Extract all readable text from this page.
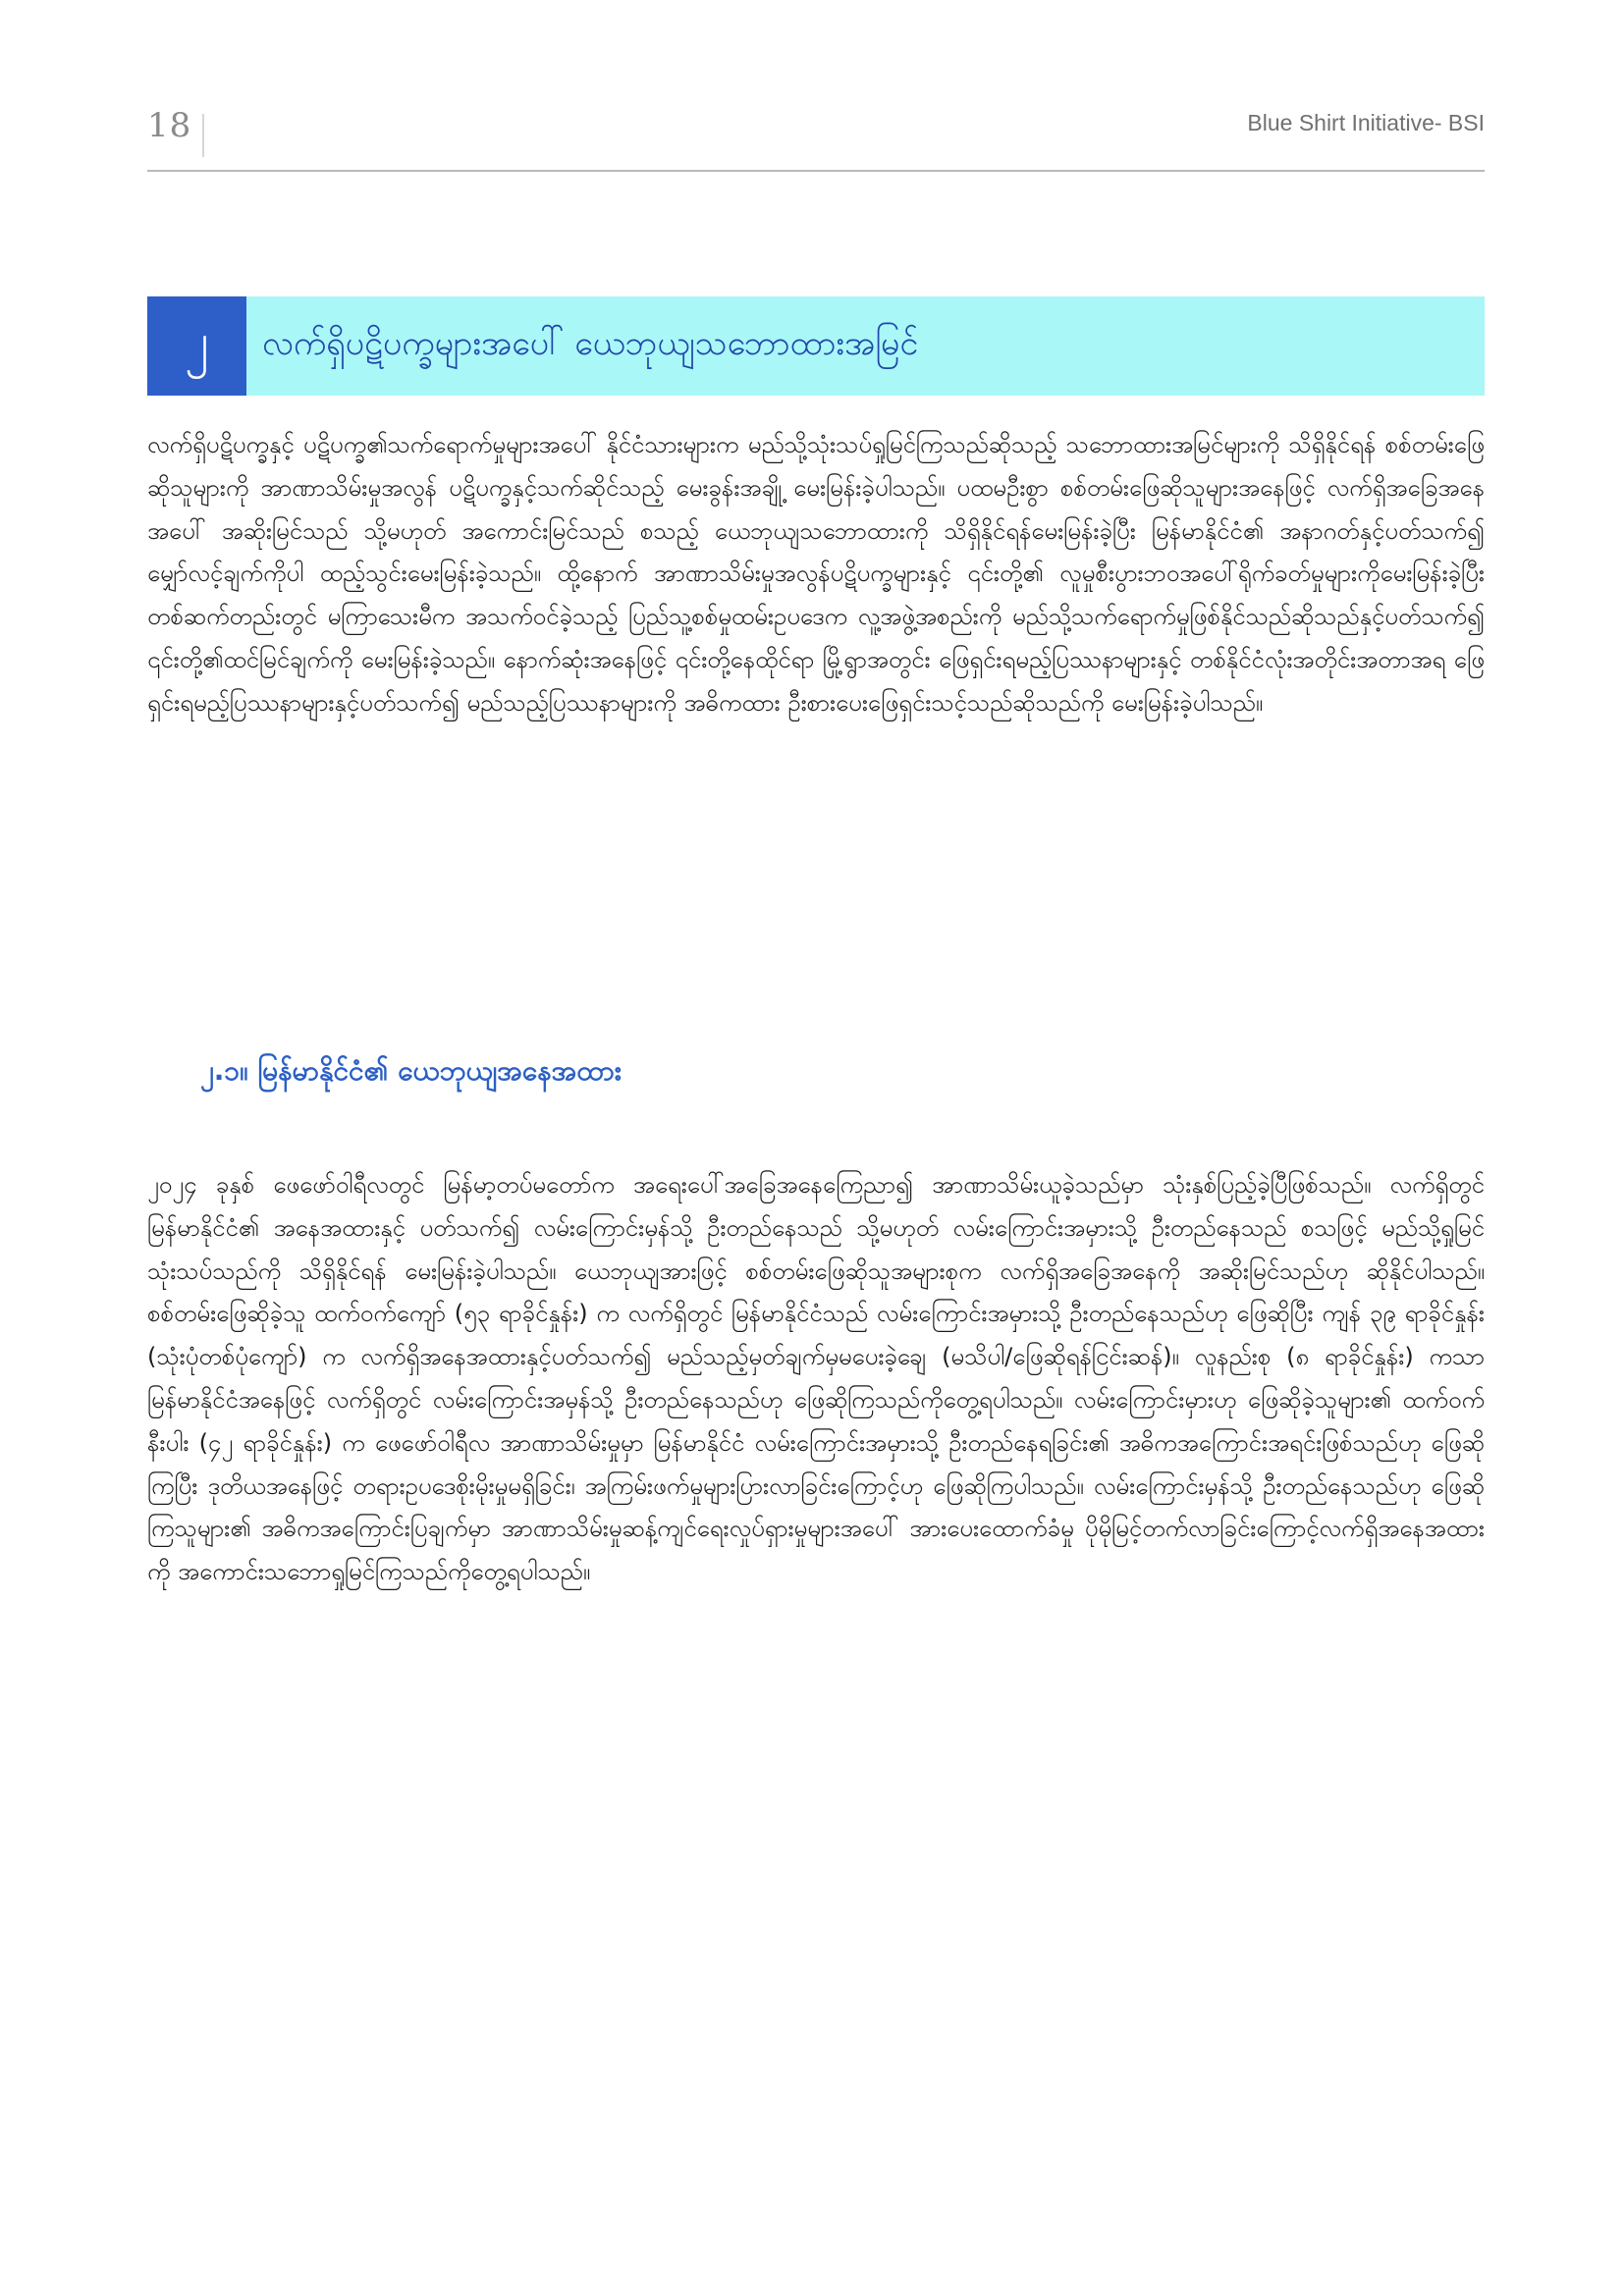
18	Blue Shirt Initiative- BSI
၂	လက်ရှိပဋိပက္ခများအပေါ် ယေဘုယျသဘောထားအမြင်

လက်ရှိပဋိပက္ခနှင့် ပဋိပက္ခ၏သက်ရောက်မှုများအပေါ် နိုင်ငံသားများက မည်သို့သုံးသပ်ရှုမြင်ကြသည်ဆိုသည့် သဘောထားအမြင်များကို သိရှိနိုင်ရန် စစ်တမ်းဖြေဆိုသူများကို အာဏာသိမ်းမှုအလွန် ပဋိပက္ခနှင့်သက်ဆိုင်သည့် မေးခွန်းအချို့ မေးမြန်းခဲ့ပါသည်။ ပထမဦးစွာ စစ်တမ်းဖြေဆိုသူများအနေဖြင့် လက်ရှိအခြေအနေအပေါ် အဆိုးမြင်သည် သို့မဟုတ် အကောင်းမြင်သည် စသည့် ယေဘုယျသဘောထားကို သိရှိနိုင်ရန်မေးမြန်းခဲ့ပြီး မြန်မာနိုင်ငံ၏ အနာဂတ်နှင့်ပတ်သက်၍ မျှော်လင့်ချက်ကိုပါ ထည့်သွင်းမေးမြန်းခဲ့သည်။ ထို့နောက် အာဏာသိမ်းမှုအလွန်ပဋိပက္ခများနှင့် ၎င်းတို့၏ လူမှုစီးပွားဘဝအပေါ်ရိုက်ခတ်မှုများကိုမေးမြန်းခဲ့ပြီး တစ်ဆက်တည်းတွင် မကြာသေးမီက အသက်ဝင်ခဲ့သည့် ပြည်သူ့စစ်မှုထမ်းဥပဒေက လူ့အဖွဲ့အစည်းကို မည်သို့သက်ရောက်မှုဖြစ်နိုင်သည်ဆိုသည်နှင့်ပတ်သက်၍ ၎င်းတို့၏ထင်မြင်ချက်ကို မေးမြန်းခဲ့သည်။ နောက်ဆုံးအနေဖြင့် ၎င်းတို့နေထိုင်ရာ မြို့ရွာအတွင်း ဖြေရှင်းရမည့်ပြဿနာများနှင့် တစ်နိုင်ငံလုံးအတိုင်းအတာအရ ဖြေရှင်းရမည့်ပြဿနာများနှင့်ပတ်သက်၍ မည်သည့်ပြဿနာများကို အဓိကထား ဦးစားပေးဖြေရှင်းသင့်သည်ဆိုသည်ကို မေးမြန်းခဲ့ပါသည်။

၂.၁။ မြန်မာနိုင်ငံ၏ ယေဘုယျအနေအထား

၂၀၂၄ ခုနှစ် ဖေဖော်ဝါရီလတွင် မြန်မာ့တပ်မတော်က အရေးပေါ်အခြေအနေကြေညာ၍ အာဏာသိမ်းယူခဲ့သည်မှာ သုံးနှစ်ပြည့်ခဲ့ပြီဖြစ်သည်။ လက်ရှိတွင် မြန်မာနိုင်ငံ၏ အနေအထားနှင့် ပတ်သက်၍ လမ်းကြောင်းမှန်သို့ ဦးတည်နေသည် သို့မဟုတ် လမ်းကြောင်းအမှားသို့ ဦးတည်နေသည် စသဖြင့် မည်သို့ရှုမြင်သုံးသပ်သည်ကို သိရှိနိုင်ရန် မေးမြန်းခဲ့ပါသည်။ ယေဘုယျအားဖြင့် စစ်တမ်းဖြေဆိုသူအများစုက လက်ရှိအခြေအနေကို အဆိုးမြင်သည်ဟု ဆိုနိုင်ပါသည်။ စစ်တမ်းဖြေဆိုခဲ့သူ ထက်ဝက်ကျော် (၅၃ ရာခိုင်နှုန်း) က လက်ရှိတွင် မြန်မာနိုင်ငံသည် လမ်းကြောင်းအမှားသို့ ဦးတည်နေသည်ဟု ဖြေဆိုပြီး ကျန် ၃၉ ရာခိုင်နှုန်း (သုံးပုံတစ်ပုံကျော်) က လက်ရှိအနေအထားနှင့်ပတ်သက်၍ မည်သည့်မှတ်ချက်မှမပေးခဲ့ချေ (မသိပါ/ဖြေဆိုရန်ငြင်းဆန်)။ လူနည်းစု (၈ ရာခိုင်နှုန်း) ကသာ မြန်မာနိုင်ငံအနေဖြင့် လက်ရှိတွင် လမ်းကြောင်းအမှန်သို့ ဦးတည်နေသည်ဟု ဖြေဆိုကြသည်ကိုတွေ့ရပါသည်။ လမ်းကြောင်းမှားဟု ဖြေဆိုခဲ့သူများ၏ ထက်ဝက်နီးပါး (၄၂ ရာခိုင်နှုန်း) က ဖေဖော်ဝါရီလ အာဏာသိမ်းမှုမှာ မြန်မာနိုင်ငံ လမ်းကြောင်းအမှားသို့ ဦးတည်နေရခြင်း၏ အဓိကအကြောင်းအရင်းဖြစ်သည်ဟု ဖြေဆိုကြပြီး ဒုတိယအနေဖြင့် တရားဥပဒေစိုးမိုးမှုမရှိခြင်း၊ အကြမ်းဖက်မှုများပြားလာခြင်းကြောင့်ဟု ဖြေဆိုကြပါသည်။ လမ်းကြောင်းမှန်သို့ ဦးတည်နေသည်ဟု ဖြေဆိုကြသူများ၏ အဓိကအကြောင်းပြချက်မှာ အာဏာသိမ်းမှုဆန့်ကျင်ရေးလှုပ်ရှားမှုများအပေါ် အားပေးထောက်ခံမှု ပိုမိုမြင့်တက်လာခြင်းကြောင့်လက်ရှိအနေအထားကို အကောင်းသဘောရှုမြင်ကြသည်ကိုတွေ့ရပါသည်။
